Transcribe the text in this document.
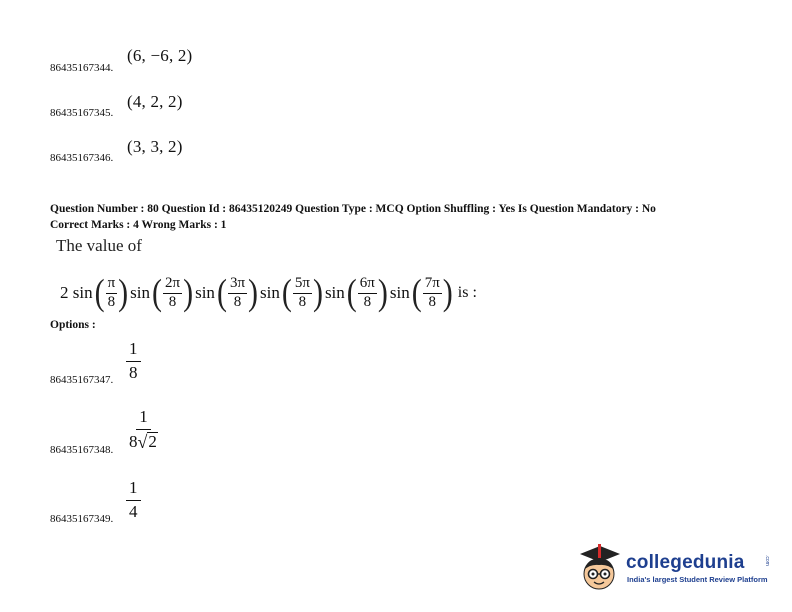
86435167344.
(6, −6, 2)
86435167345.
(4, 2, 2)
86435167346.
(3, 3, 2)
Question Number : 80 Question Id : 86435120249 Question Type : MCQ Option Shuffling : Yes Is Question Mandatory : No
Correct Marks : 4 Wrong Marks : 1
The value of
2 sin ( $\frac{\pi}{8}$ ) sin ( $\frac{2\pi}{8}$ ) sin ( $\frac{3\pi}{8}$ ) sin ( $\frac{5\pi}{8}$ ) sin ( $\frac{6\pi}{8}$ ) sin ( $\frac{7\pi}{8}$ ) is :
Options :
86435167347. $\frac{1}{8}$
86435167348. $\frac{1}{8 √ 2}$
86435167349. $\frac{1}{4}$
collegedunia	.com
India's largest Student Review Platform
